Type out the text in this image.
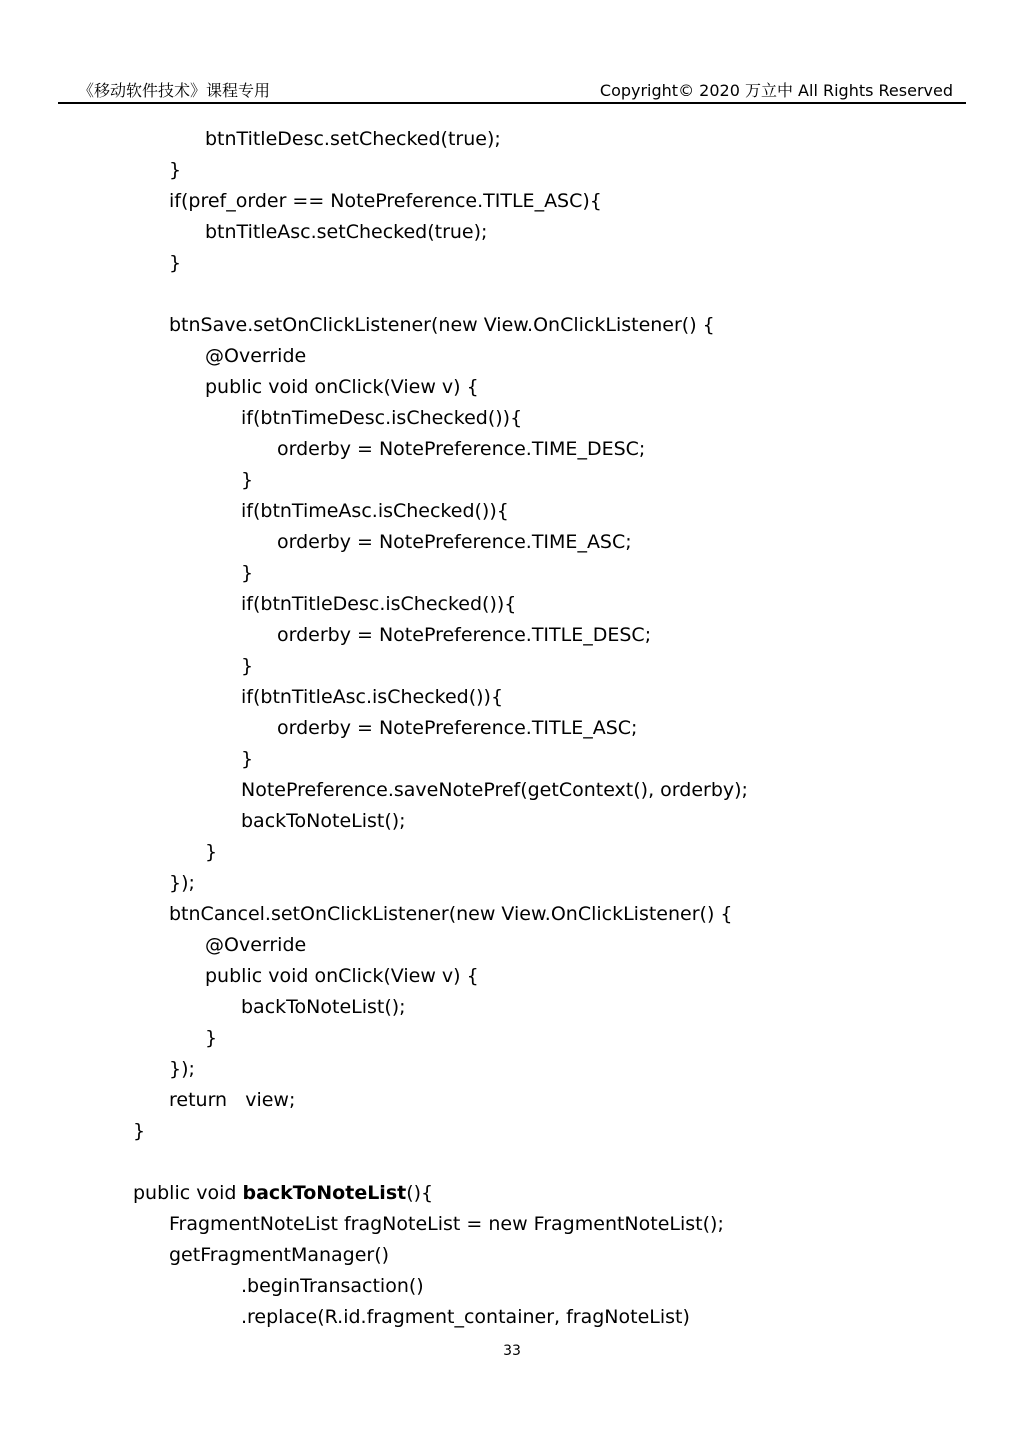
《移动软件技术》课程专用	Copyright© 2020 万立中 All Rights Reserved
btnTitleDesc.setChecked(true);
}
if(pref_order == NotePreference.TITLE_ASC){
btnTitleAsc.setChecked(true);
}
btnSave.setOnClickListener(new View.OnClickListener() {
@Override
public void onClick(View v) {
if(btnTimeDesc.isChecked()){
orderby = NotePreference.TIME_DESC;
}
if(btnTimeAsc.isChecked()){
orderby = NotePreference.TIME_ASC;
}
if(btnTitleDesc.isChecked()){
orderby = NotePreference.TITLE_DESC;
}
if(btnTitleAsc.isChecked()){
orderby = NotePreference.TITLE_ASC;
}
NotePreference.saveNotePref(getContext(), orderby);
backToNoteList();
}
});
btnCancel.setOnClickListener(new View.OnClickListener() {
@Override
public void onClick(View v) {
backToNoteList();
}
});
return   view;
}
public void backToNoteList(){
FragmentNoteList fragNoteList = new FragmentNoteList();
getFragmentManager()
.beginTransaction()
.replace(R.id.fragment_container, fragNoteList)
33
